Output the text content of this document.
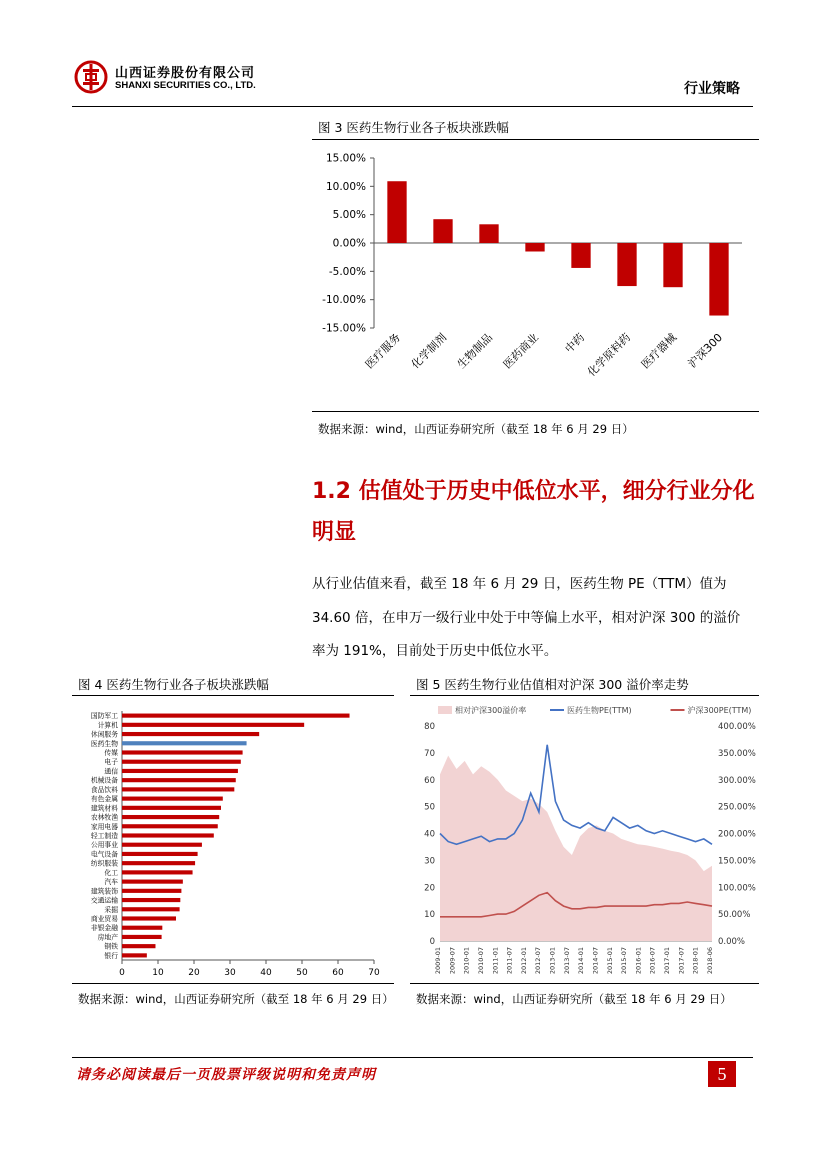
山西证券股份有限公司
SHANXI SECURITIES CO., LTD.	行业策略
图 3 医药生物行业各子板块涨跌幅
-15.00%
-10.00%
-5.00%
0.00%
5.00%
10.00%
15.00%
医疗服务 化学制剂 生物制品 医药商业 中药
化学原料药 医疗器械 沪深300
数据来源：wind，山西证券研究所（截至 18 年 6 月 29 日）
1.2 估值处于历史中低位水平，细分行业分化
明显
从行业估值来看，截至 18 年 6 月 29 日，医药生物 PE（TTM）值为
34.60 倍，在申万一级行业中处于中等偏上水平，相对沪深 300 的溢价
率为 191%，目前处于历史中低位水平。
图 4 医药生物行业各子板块涨跌幅
0	10	20	30	40	50	60	70
国防军工
计算机
休闲服务
医药生物
传媒
电子
通信
机械设备
食品饮料
有色金属
建筑材料
农林牧渔
家用电器
轻工制造
公用事业
电气设备
纺织服装
化工
汽车
建筑装饰
交通运输
采掘
商业贸易
非银金融
房地产
钢铁
银行
数据来源：wind，山西证券研究所（截至 18 年 6 月 29 日）
图 5 医药生物行业估值相对沪深 300 溢价率走势
相对沪深300溢价率	医药生物PE(TTM)	沪深300PE(TTM)
0
10
20
30
40
50
60
70
80
0.00%
50.00%
100.00%
150.00%
200.00%
250.00%
300.00%
350.00%
400.00%
2009-01 2009-07 2010-01 2010-07 2011-01 2011-07 2012-01 2012-07 2013-01 2013-07 2014-01 2014-07 2015-01 2015-07 2016-01 2016-07 2017-01 2017-07 2018-01 2018-06
数据来源：wind，山西证券研究所（截至 18 年 6 月 29 日）
请务必阅读最后一页股票评级说明和免责声明	5
